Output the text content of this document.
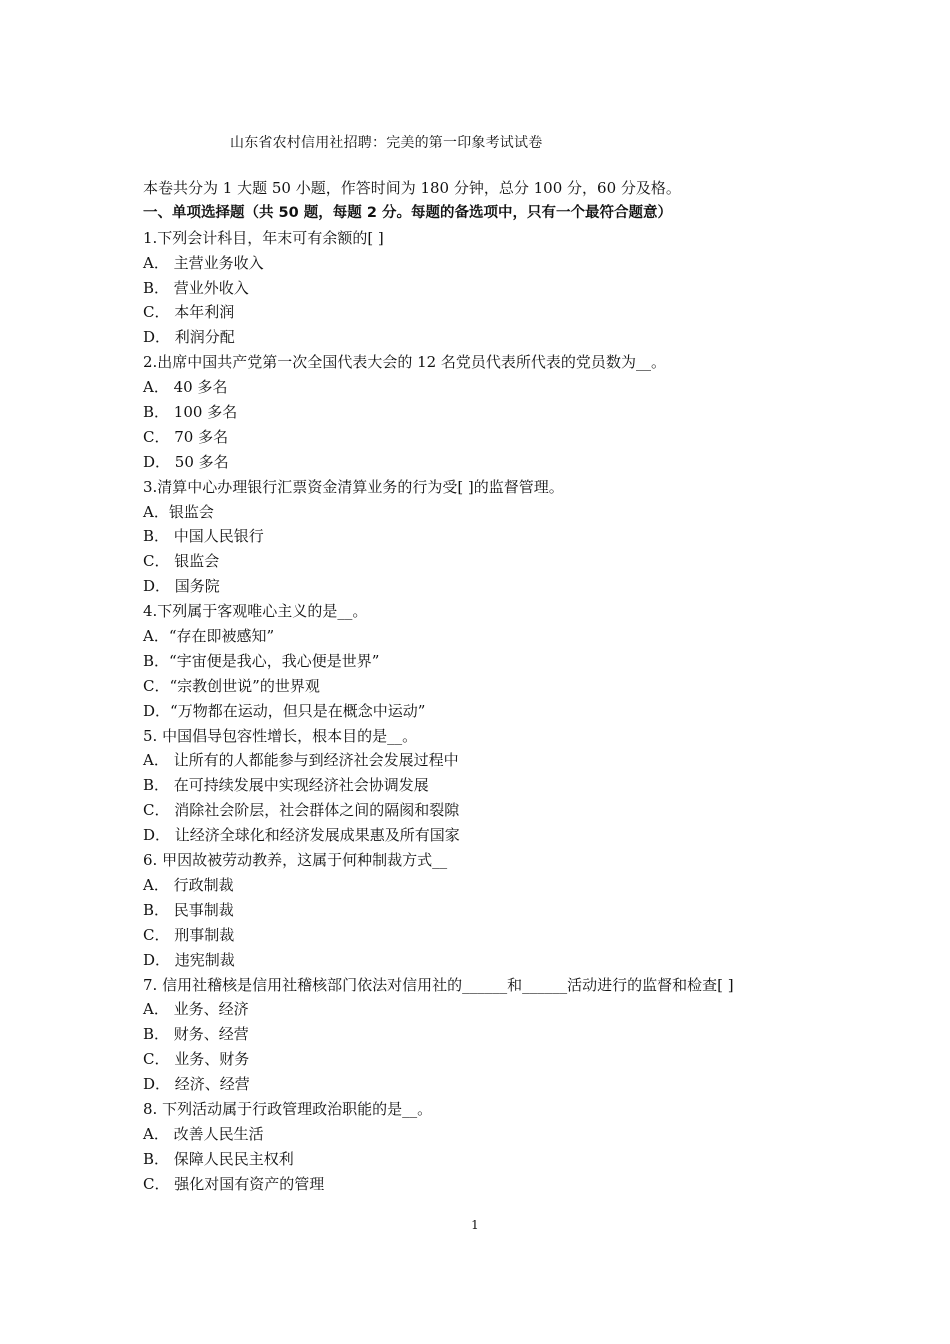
山东省农村信用社招聘：完美的第一印象考试试卷
本卷共分为 1 大题 50 小题，作答时间为 180 分钟，总分 100 分，60 分及格。
一、单项选择题（共 50 题，每题 2 分。每题的备选项中，只有一个最符合题意）
1.下列会计科目，年末可有余额的[ ]
A． 主营业务收入
B． 营业外收入
C． 本年利润
D． 利润分配
2.出席中国共产党第一次全国代表大会的 12 名党员代表所代表的党员数为__。
A． 40 多名
B． 100 多名
C． 70 多名
D． 50 多名
3.清算中心办理银行汇票资金清算业务的行为受[ ]的监督管理。
A．银监会
B． 中国人民银行
C． 银监会
D． 国务院
4.下列属于客观唯心主义的是__。
A．“存在即被感知”
B．“宇宙便是我心，我心便是世界”
C．“宗教创世说”的世界观
D．“万物都在运动，但只是在概念中运动”
5. 中国倡导包容性增长，根本目的是__。
A． 让所有的人都能参与到经济社会发展过程中
B． 在可持续发展中实现经济社会协调发展
C． 消除社会阶层，社会群体之间的隔阂和裂隙
D． 让经济全球化和经济发展成果惠及所有国家
6. 甲因故被劳动教养，这属于何种制裁方式__
A． 行政制裁
B． 民事制裁
C． 刑事制裁
D． 违宪制裁
7. 信用社稽核是信用社稽核部门依法对信用社的______和______活动进行的监督和检查[ ]
A． 业务、经济
B． 财务、经营
C． 业务、财务
D． 经济、经营
8. 下列活动属于行政管理政治职能的是__。
A． 改善人民生活
B． 保障人民民主权利
C． 强化对国有资产的管理
1
